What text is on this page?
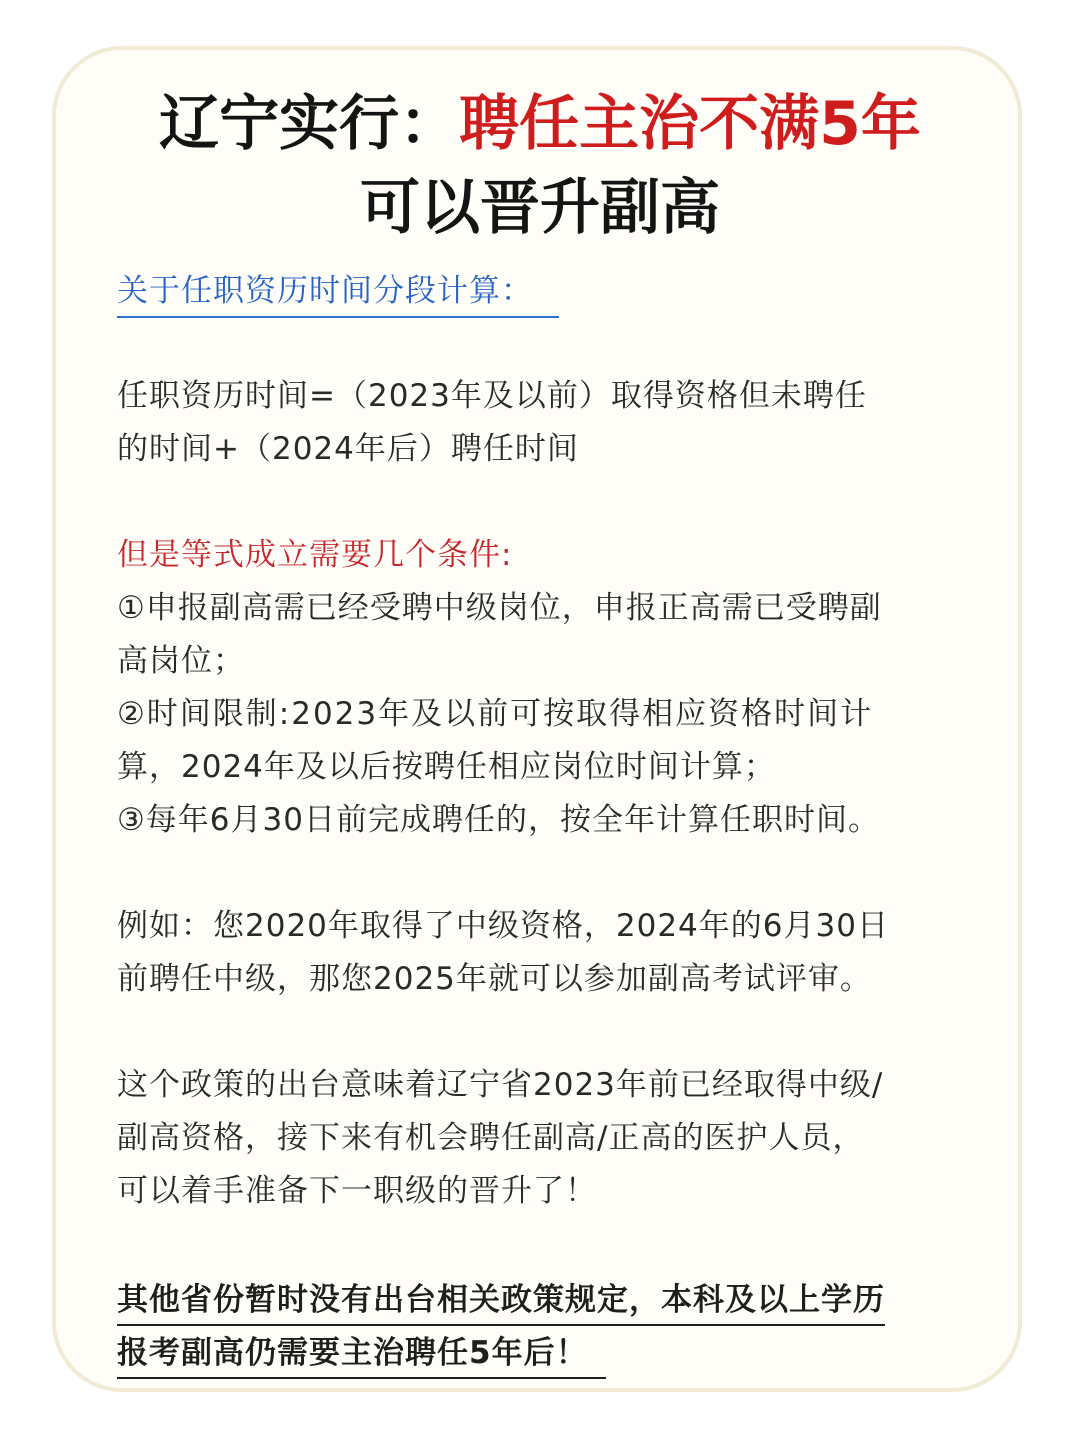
辽宁实行：聘任主治不满5年
可以晋升副高
关于任职资历时间分段计算：

任职资历时间=（2023年及以前）取得资格但未聘任

的时间+（2024年后）聘任时间

但是等式成立需要几个条件:

①申报副高需已经受聘中级岗位，申报正高需已受聘副

高岗位；

②时间限制:2023年及以前可按取得相应资格时间计

算，2024年及以后按聘任相应岗位时间计算；

③每年6月30日前完成聘任的，按全年计算任职时间。

例如：您2020年取得了中级资格，2024年的6月30日

前聘任中级，那您2025年就可以参加副高考试评审。

这个政策的出台意味着辽宁省2023年前已经取得中级/

副高资格，接下来有机会聘任副高/正高的医护人员，

可以着手准备下一职级的晋升了！

其他省份暂时没有出台相关政策规定，本科及以上学历
报考副高仍需要主治聘任5年后！
